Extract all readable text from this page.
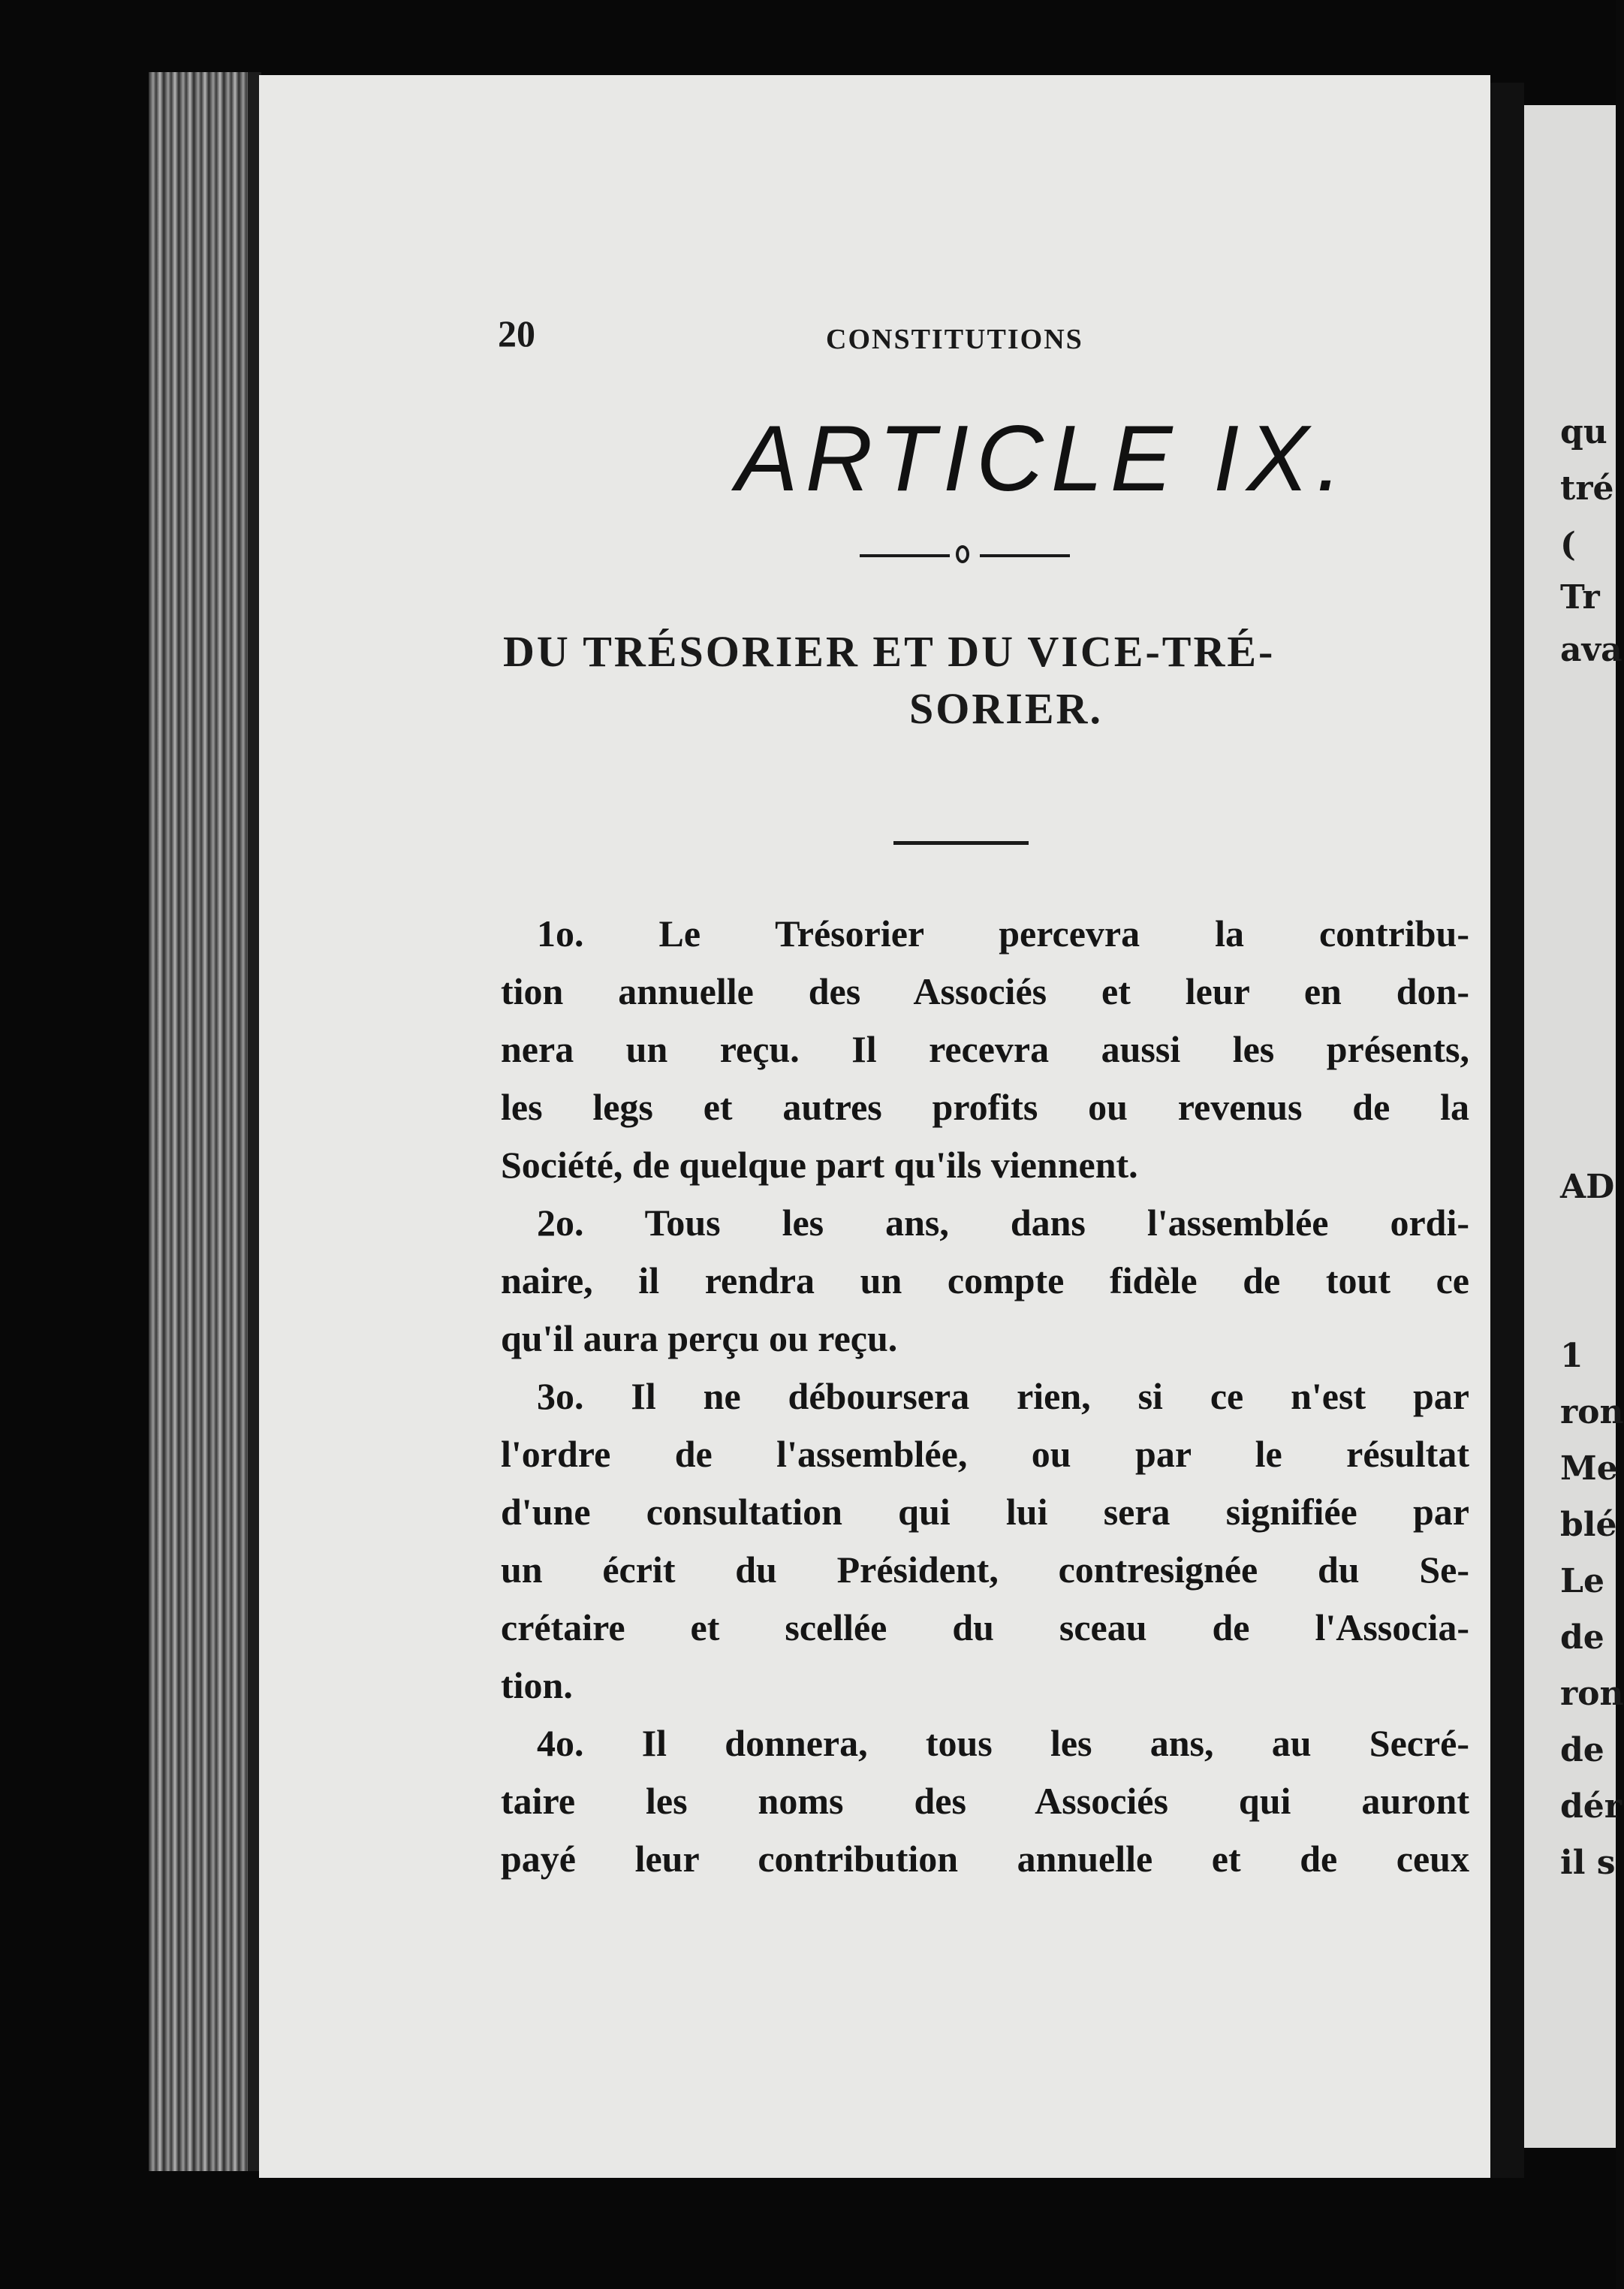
qu
tré
(
Tr
ava
AD
1
ron
Me
blé
Le
de
ron
de
dér
il s
20	CONSTITUTIONS
ARTICLE IX.
DU TRÉSORIER ET DU VICE-TRÉ-
SORIER.
1o. Le Trésorier percevra la contribu-
tion annuelle des Associés et leur en don-
nera un reçu. Il recevra aussi les présents,
les legs et autres profits ou revenus de la
Société, de quelque part qu'ils viennent.
2o. Tous les ans, dans l'assemblée ordi-
naire, il rendra un compte fidèle de tout ce
qu'il aura perçu ou reçu.
3o. Il ne déboursera rien, si ce n'est par
l'ordre de l'assemblée, ou par le résultat
d'une consultation qui lui sera signifiée par
un écrit du Président, contresignée du Se-
crétaire et scellée du sceau de l'Associa-
tion.
4o. Il donnera, tous les ans, au Secré-
taire les noms des Associés qui auront
payé leur contribution annuelle et de ceux
